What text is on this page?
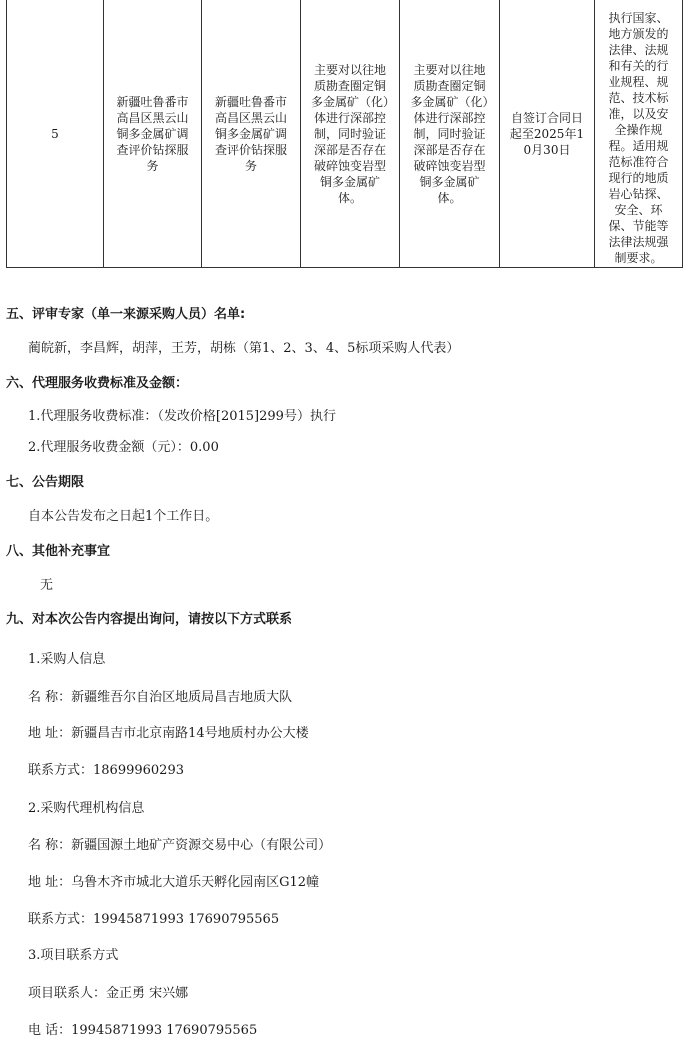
5	新疆吐鲁番市高昌区黑云山铜多金属矿调查评价钻探服务	新疆吐鲁番市高昌区黑云山铜多金属矿调查评价钻探服务	主要对以往地质勘查圈定铜多金属矿（化）体进行深部控制，同时验证深部是否存在破碎蚀变岩型铜多金属矿体。	主要对以往地质勘查圈定铜多金属矿（化）体进行深部控制，同时验证深部是否存在破碎蚀变岩型铜多金属矿体。	自签订合同日起至2025年10月30日	执行国家、地方颁发的法律、法规和有关的行业规程、规范、技术标准，以及安全操作规程。适用规范标准符合现行的地质岩心钻探、安全、环保、节能等法律法规强制要求。
五、评审专家（单一来源采购人员）名单:
蔺皖新，李昌辉，胡萍，王芳，胡栋（第1、2、3、4、5标项采购人代表）
六、代理服务收费标准及金额：
1.代理服务收费标准：（发改价格[2015]299号）执行
2.代理服务收费金额（元）：0.00
七、公告期限
自本公告发布之日起1个工作日。
八、其他补充事宜
无
九、对本次公告内容提出询问，请按以下方式联系
1.采购人信息
名 称：新疆维吾尔自治区地质局昌吉地质大队
地 址：新疆昌吉市北京南路14号地质村办公大楼
联系方式：18699960293
2.采购代理机构信息
名 称：新疆国源土地矿产资源交易中心（有限公司）
地 址：乌鲁木齐市城北大道乐天孵化园南区G12幢
联系方式：19945871993 17690795565
3.项目联系方式
项目联系人：金正勇 宋兴娜
电 话：19945871993 17690795565
